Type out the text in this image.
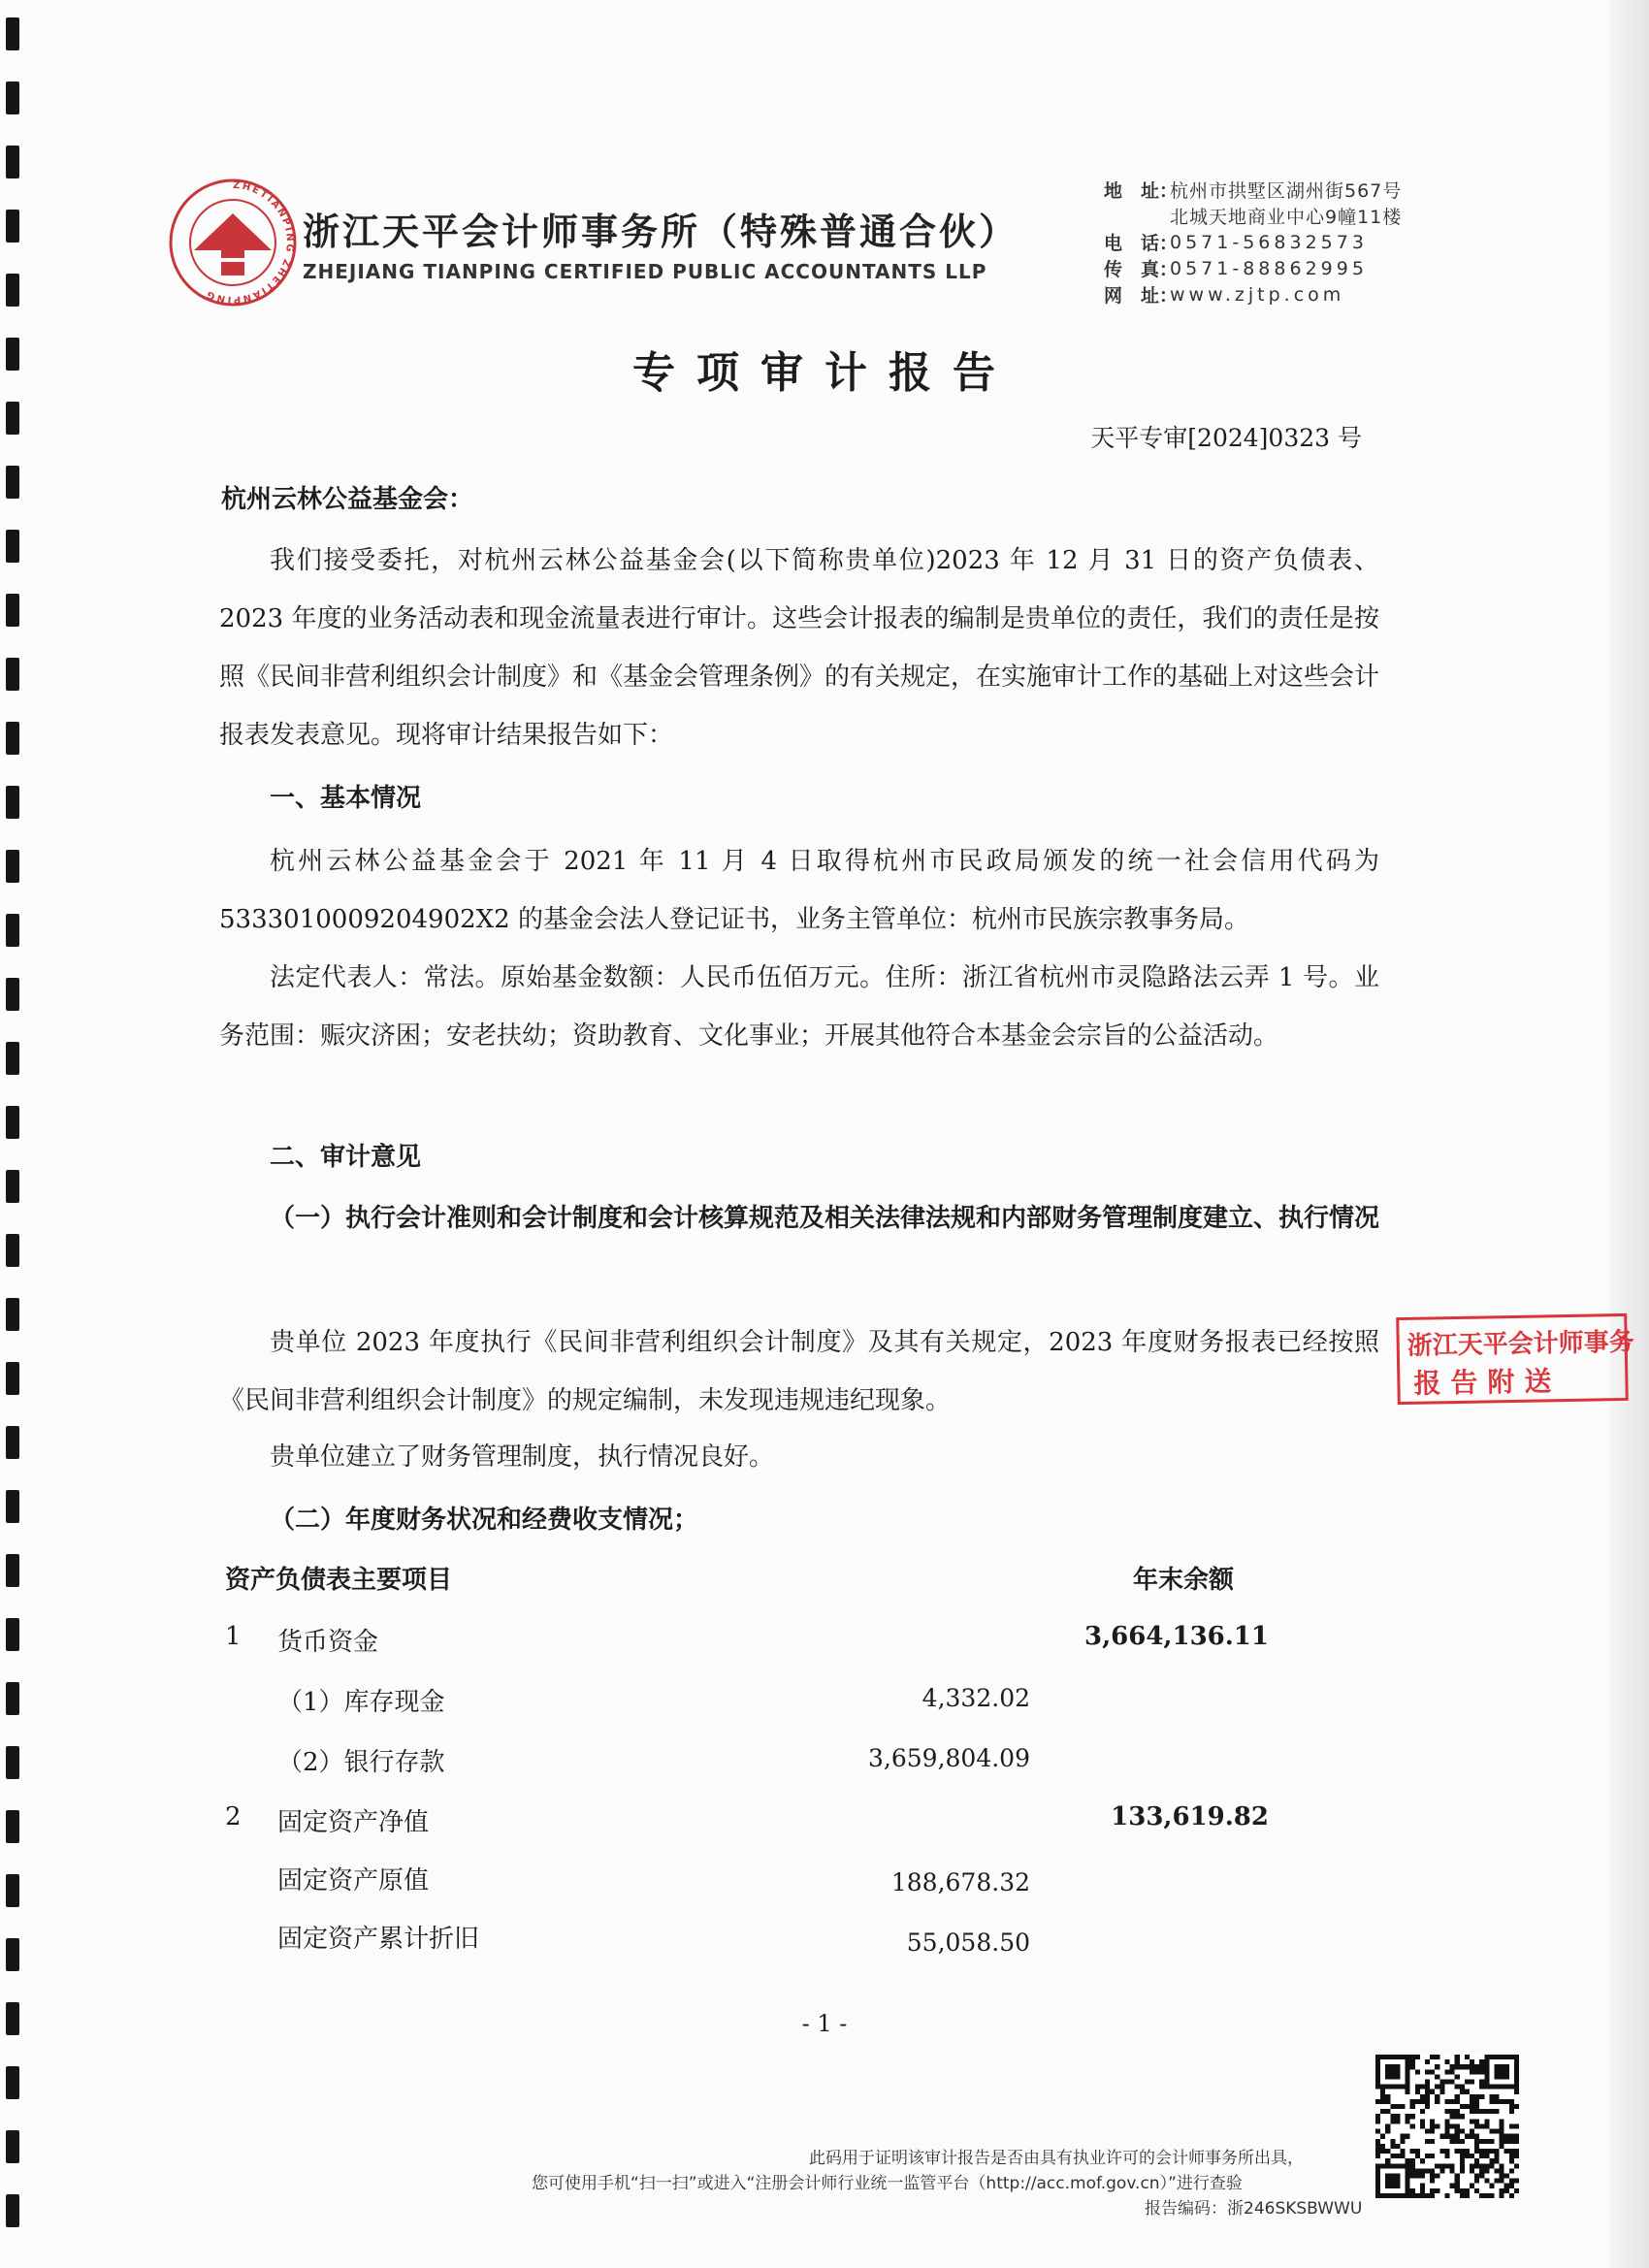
ZHETIANPING ZHETIANPING
浙江天平会计师事务所（特殊普通合伙）
ZHEJIANG TIANPING CERTIFIED PUBLIC ACCOUNTANTS LLP
地　址：
杭州市拱墅区湖州街567号
北城天地商业中心9幢11楼
电　话：
0571-56832573
传　真：
0571-88862995
网　址：
www.zjtp.com
专项审计报告
天平专审[2024]0323 号
杭州云林公益基金会：
我们接受委托，对杭州云林公益基金会(以下简称贵单位)2023 年 12 月 31 日的资产负债表、2023 年度的业务活动表和现金流量表进行审计。这些会计报表的编制是贵单位的责任，我们的责任是按照《民间非营利组织会计制度》和《基金会管理条例》的有关规定，在实施审计工作的基础上对这些会计报表发表意见。现将审计结果报告如下：
一、基本情况
杭州云林公益基金会于 2021 年 11 月 4 日取得杭州市民政局颁发的统一社会信用代码为 5333010009204902X2 的基金会法人登记证书，业务主管单位：杭州市民族宗教事务局。
法定代表人：常法。原始基金数额：人民币伍佰万元。住所：浙江省杭州市灵隐路法云弄 1 号。业务范围：赈灾济困；安老扶幼；资助教育、文化事业；开展其他符合本基金会宗旨的公益活动。
二、审计意见
（一）执行会计准则和会计制度和会计核算规范及相关法律法规和内部财务管理制度建立、执行情况
贵单位 2023 年度执行《民间非营利组织会计制度》及其有关规定，2023 年度财务报表已经按照《民间非营利组织会计制度》的规定编制，未发现违规违纪现象。
贵单位建立了财务管理制度，执行情况良好。
（二）年度财务状况和经费收支情况；
资产负债表主要项目	年末余额
1 货币资金	3,664,136.11
（1）库存现金	4,332.02
（2）银行存款	3,659,804.09
2 固定资产净值	133,619.82
固定资产原值	188,678.32
固定资产累计折旧	55,058.50
浙江天平会计师事务
报告附送
- 1 -
此码用于证明该审计报告是否由具有执业许可的会计师事务所出具，
您可使用手机“扫一扫”或进入“注册会计师行业统一监管平台（http://acc.mof.gov.cn）”进行查验
报告编码：浙246SKSBWWU
